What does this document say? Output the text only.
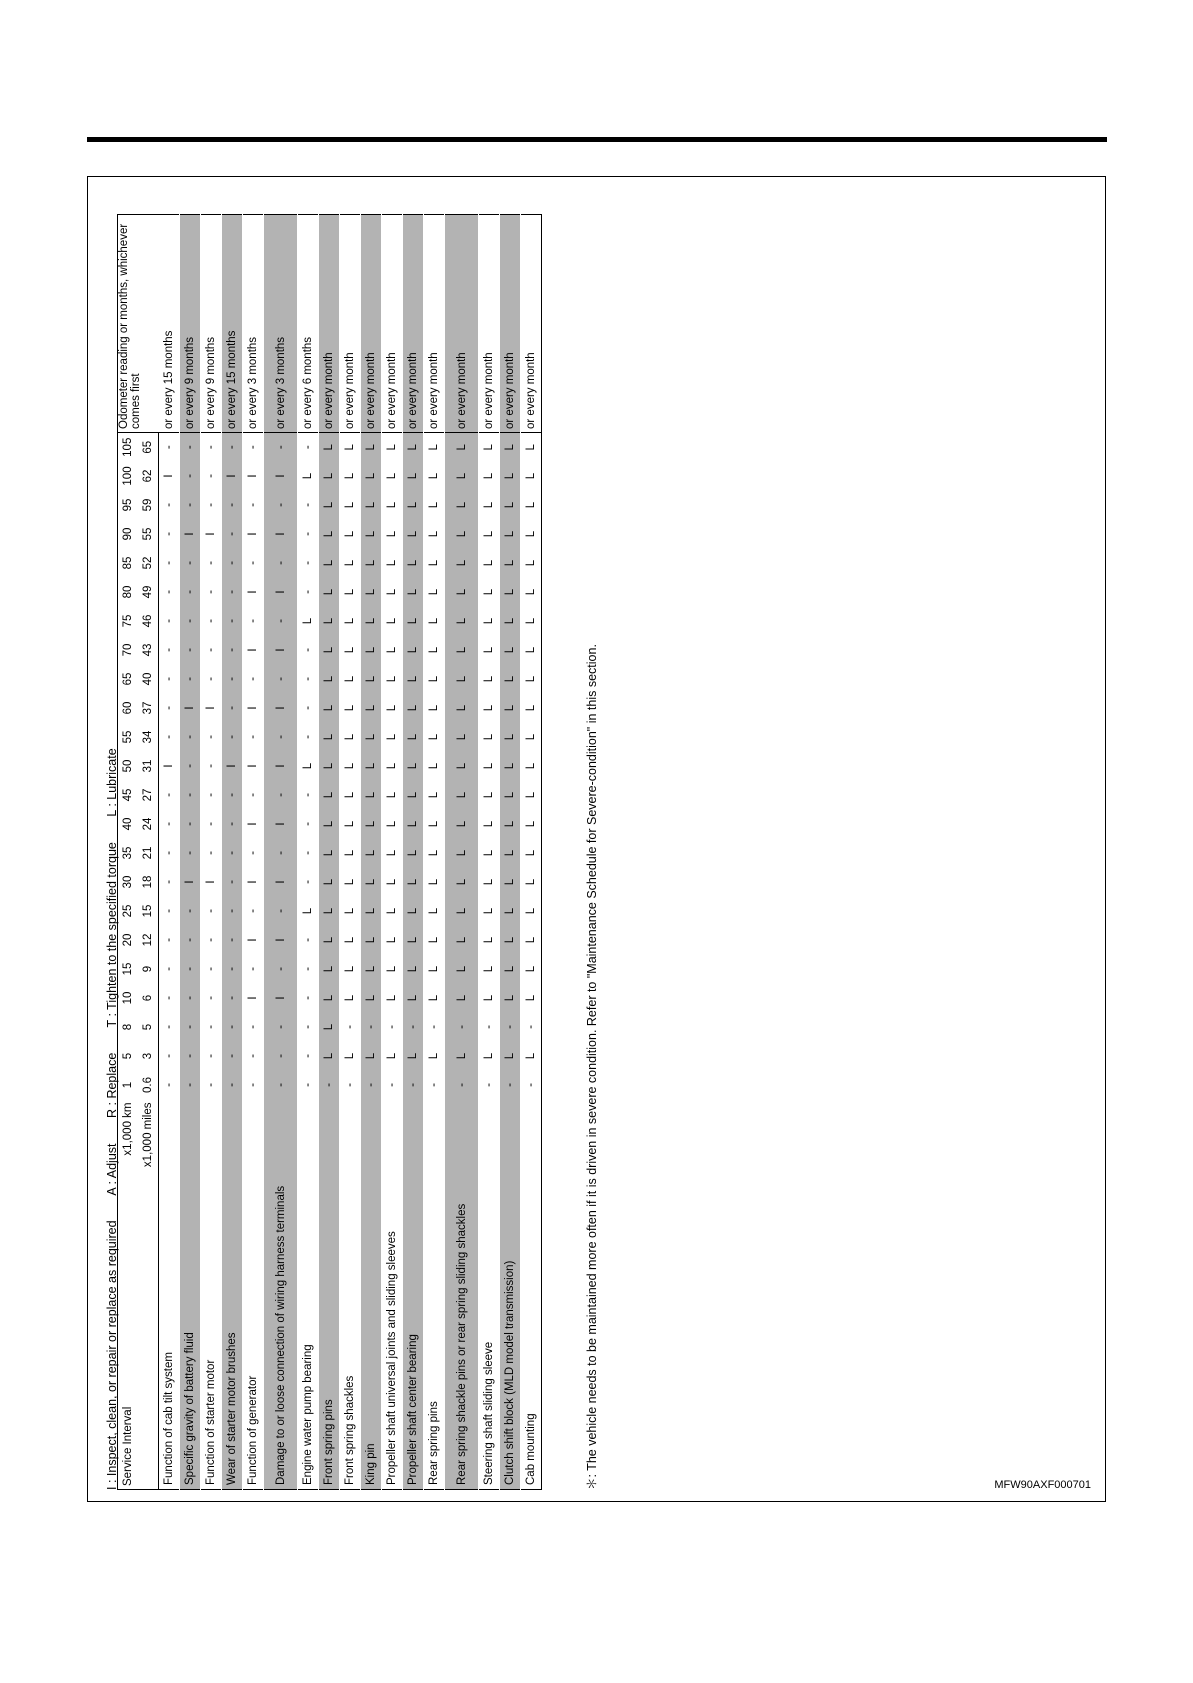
MFW90AXF000701
I : Inspect, clean, or repair or replace as required A : Adjust R : Replace T : Tighten to the specified torque L : Lubricate
Service Interval	x1,000 km	1	5	8	10	15	20	25	30	35	40	45	50	55	60	65	70	75	80	85	90	95	100	105	Odometer reading or months, whichever comes first
	x1,000 miles	0.6	3	5	6	9	12	15	18	21	24	27	31	34	37	40	43	46	49	52	55	59	62	65	
Function of cab tilt system		-	-	-	-	-	-	-	-	-	-	-	I	-	-	-	-	-	-	-	-	-	I	-	or every 15 months
Specific gravity of battery fluid		-	-	-	-	-	-	-	I	-	-	-	-	-	I	-	-	-	-	-	I	-	-	-	or every 9 months
Function of starter motor		-	-	-	-	-	-	-	I	-	-	-	-	-	I	-	-	-	-	-	I	-	-	-	or every 9 months
Wear of starter motor brushes		-	-	-	-	-	-	-	-	-	-	-	I	-	-	-	-	-	-	-	-	-	I	-	or every 15 months
Function of generator		-	-	-	I	-	I	-	I	-	I	-	I	-	I	-	I	-	I	-	I	-	I	-	or every 3 months
Damage to or loose connection of wiring harness terminals		-	-	-	I	-	I	-	I	-	I	-	I	-	I	-	I	-	I	-	I	-	I	-	or every 3 months
Engine water pump bearing		-	-	-	-	-	-	L	-	-	-	-	L	-	-	-	-	L	-	-	-	-	L	-	or every 6 months
Front spring pins		-	L	L	L	L	L	L	L	L	L	L	L	L	L	L	L	L	L	L	L	L	L	L	or every month
Front spring shackles		-	L	-	L	L	L	L	L	L	L	L	L	L	L	L	L	L	L	L	L	L	L	L	or every month
King pin		-	L	-	L	L	L	L	L	L	L	L	L	L	L	L	L	L	L	L	L	L	L	L	or every month
Propeller shaft universal joints and sliding sleeves		-	L	-	L	L	L	L	L	L	L	L	L	L	L	L	L	L	L	L	L	L	L	L	or every month
Propeller shaft center bearing		-	L	-	L	L	L	L	L	L	L	L	L	L	L	L	L	L	L	L	L	L	L	L	or every month
Rear spring pins		-	L	-	L	L	L	L	L	L	L	L	L	L	L	L	L	L	L	L	L	L	L	L	or every month
Rear spring shackle pins or rear spring sliding shackles		-	L	-	L	L	L	L	L	L	L	L	L	L	L	L	L	L	L	L	L	L	L	L	or every month
Steering shaft sliding sleeve		-	L	-	L	L	L	L	L	L	L	L	L	L	L	L	L	L	L	L	L	L	L	L	or every month
Clutch shift block (MLD model transmission)		-	L	-	L	L	L	L	L	L	L	L	L	L	L	L	L	L	L	L	L	L	L	L	or every month
Cab mounting		-	L	-	L	L	L	L	L	L	L	L	L	L	L	L	L	L	L	L	L	L	L	L	or every month
＊: The vehicle needs to be maintained more often if it is driven in severe condition. Refer to "Maintenance Schedule for Severe-condition" in this section.
